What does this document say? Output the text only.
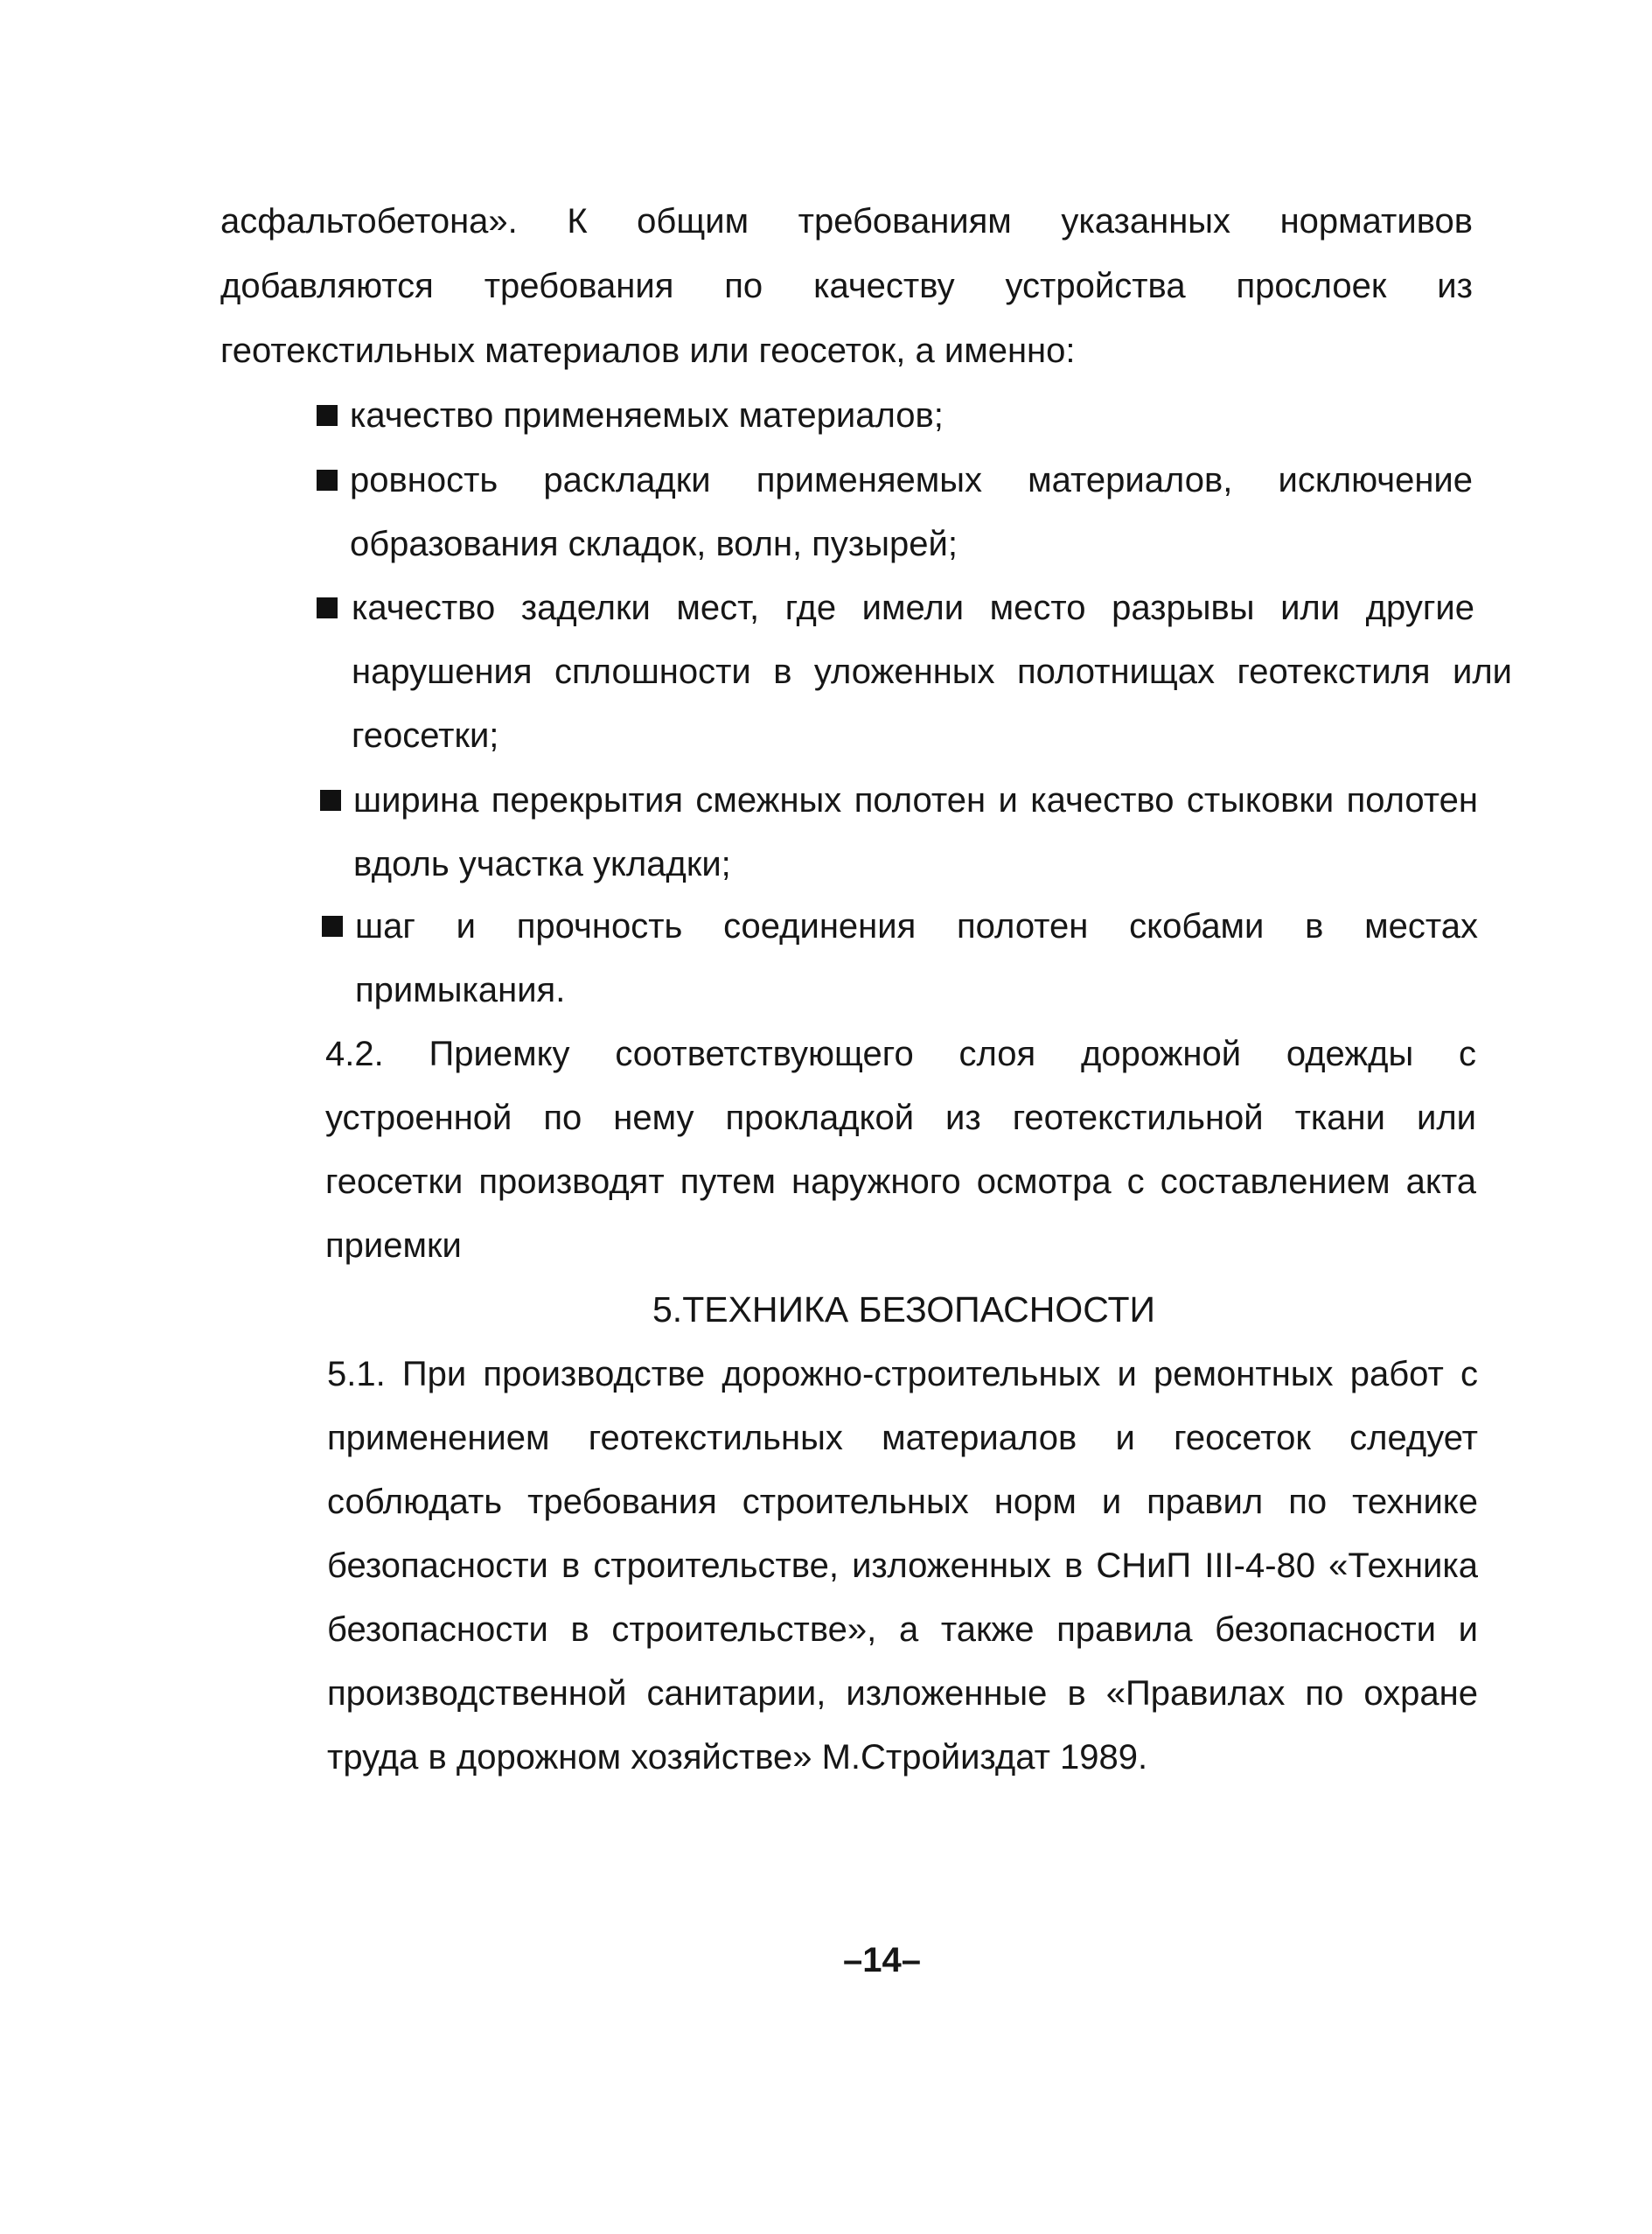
асфальтобетона». К общим требованиям указанных нормативов
добавляются требования по качеству устройства прослоек из
геотекстильных материалов или геосеток, а именно:
качество применяемых материалов;
ровность раскладки применяемых материалов, исключение
образования складок, волн, пузырей;
качество заделки мест, где имели место разрывы или другие
нарушения сплошности в уложенных полотнищах геотекстиля или
геосетки;
ширина перекрытия смежных полотен и качество стыковки полотен
вдоль участка укладки;
шаг и прочность соединения полотен скобами в местах
примыкания.
4.2. Приемку соответствующего слоя дорожной одежды с
устроенной по нему прокладкой из геотекстильной ткани или
геосетки производят путем наружного осмотра с составлением акта
приемки
5.ТЕХНИКА БЕЗОПАСНОСТИ
5.1. При производстве дорожно-строительных и ремонтных работ с
применением геотекстильных материалов и геосеток следует
соблюдать требования строительных норм и правил по технике
безопасности в строительстве, изложенных в СНиП III-4-80 «Техника
безопасности в строительстве», а также правила безопасности и
производственной санитарии, изложенные в «Правилах по охране
труда в дорожном хозяйстве» М.Стройиздат 1989.
–14–
